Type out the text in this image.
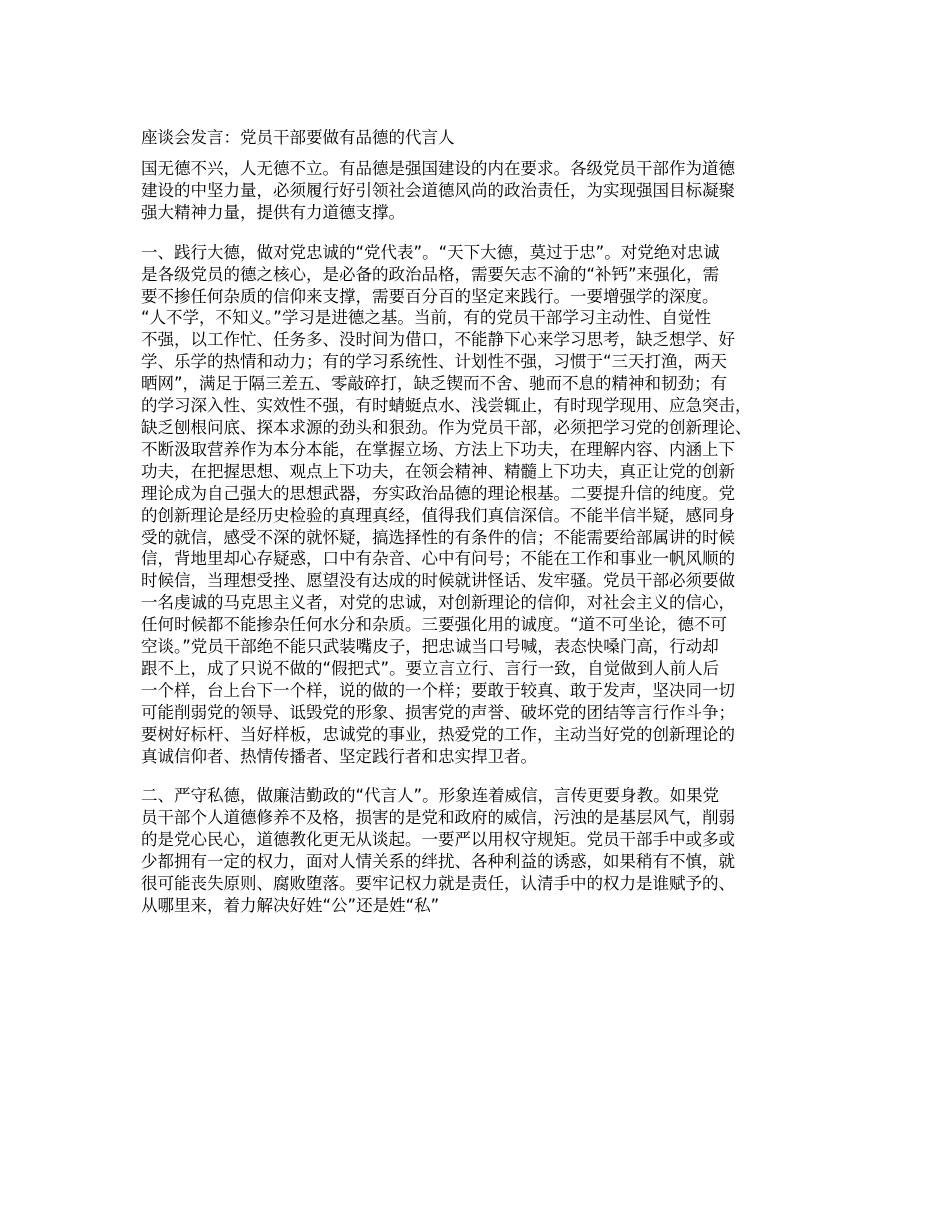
座谈会发言：党员干部要做有品德的代言人
国无德不兴，人无德不立。有品德是强国建设的内在要求。各级党员干部作为道德
建设的中坚力量，必须履行好引领社会道德风尚的政治责任，为实现强国目标凝聚
强大精神力量，提供有力道德支撑。
一、践行大德，做对党忠诚的“党代表”。“天下大德，莫过于忠”。对党绝对忠诚
是各级党员的德之核心，是必备的政治品格，需要矢志不渝的“补钙”来强化，需
要不掺任何杂质的信仰来支撑，需要百分百的坚定来践行。一要增强学的深度。
“人不学，不知义。”学习是进德之基。当前，有的党员干部学习主动性、自觉性
不强，以工作忙、任务多、没时间为借口，不能静下心来学习思考，缺乏想学、好
学、乐学的热情和动力；有的学习系统性、计划性不强，习惯于“三天打渔，两天
晒网”，满足于隔三差五、零敲碎打，缺乏锲而不舍、驰而不息的精神和韧劲；有
的学习深入性、实效性不强，有时蜻蜓点水、浅尝辄止，有时现学现用、应急突击，
缺乏刨根问底、探本求源的劲头和狠劲。作为党员干部，必须把学习党的创新理论、
不断汲取营养作为本分本能，在掌握立场、方法上下功夫，在理解内容、内涵上下
功夫，在把握思想、观点上下功夫，在领会精神、精髓上下功夫，真正让党的创新
理论成为自己强大的思想武器，夯实政治品德的理论根基。二要提升信的纯度。党
的创新理论是经历史检验的真理真经，值得我们真信深信。不能半信半疑，感同身
受的就信，感受不深的就怀疑，搞选择性的有条件的信；不能需要给部属讲的时候
信，背地里却心存疑惑，口中有杂音、心中有问号；不能在工作和事业一帆风顺的
时候信，当理想受挫、愿望没有达成的时候就讲怪话、发牢骚。党员干部必须要做
一名虔诚的马克思主义者，对党的忠诚，对创新理论的信仰，对社会主义的信心，
任何时候都不能掺杂任何水分和杂质。三要强化用的诚度。“道不可坐论，德不可
空谈。”党员干部绝不能只武装嘴皮子，把忠诚当口号喊，表态快嗓门高，行动却
跟不上，成了只说不做的“假把式”。要立言立行、言行一致，自觉做到人前人后
一个样，台上台下一个样，说的做的一个样；要敢于较真、敢于发声，坚决同一切
可能削弱党的领导、诋毁党的形象、损害党的声誉、破坏党的团结等言行作斗争；
要树好标杆、当好样板，忠诚党的事业，热爱党的工作，主动当好党的创新理论的
真诚信仰者、热情传播者、坚定践行者和忠实捍卫者。
二、严守私德，做廉洁勤政的“代言人”。形象连着威信，言传更要身教。如果党
员干部个人道德修养不及格，损害的是党和政府的威信，污浊的是基层风气，削弱
的是党心民心，道德教化更无从谈起。一要严以用权守规矩。党员干部手中或多或
少都拥有一定的权力，面对人情关系的绊扰、各种利益的诱惑，如果稍有不慎，就
很可能丧失原则、腐败堕落。要牢记权力就是责任，认清手中的权力是谁赋予的、
从哪里来，着力解决好姓“公”还是姓“私”
